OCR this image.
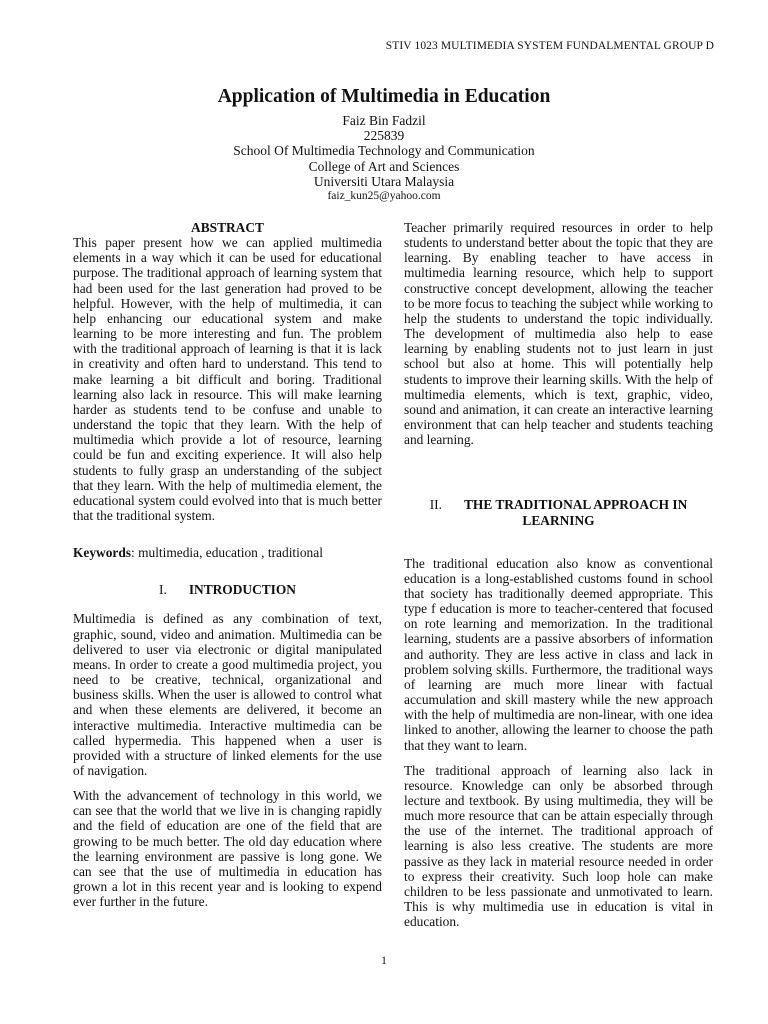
STIV 1023 MULTIMEDIA SYSTEM FUNDALMENTAL GROUP D
Application of Multimedia in Education
Faiz Bin Fadzil
225839
School Of Multimedia Technology and Communication
College of Art and Sciences
Universiti Utara Malaysia
faiz_kun25@yahoo.com
ABSTRACT

This paper present how we can applied multimedia elements in a way which it can be used for educational purpose. The traditional approach of learning system that had been used for the last generation had proved to be helpful. However, with the help of multimedia, it can help enhancing our educational system and make learning to be more interesting and fun. The problem with the traditional approach of learning is that it is lack in creativity and often hard to understand. This tend to make learning a bit difficult and boring. Traditional learning also lack in resource. This will make learning harder as students tend to be confuse and unable to understand the topic that they learn. With the help of multimedia which provide a lot of resource, learning could be fun and exciting experience. It will also help students to fully grasp an understanding of the subject that they learn. With the help of multimedia element, the educational system could evolved into that is much better that the traditional system.

Keywords: multimedia, education , traditional

I. INTRODUCTION

Multimedia is defined as any combination of text, graphic, sound, video and animation. Multimedia can be delivered to user via electronic or digital manipulated means. In order to create a good multimedia project, you need to be creative, technical, organizational and business skills. When the user is allowed to control what and when these elements are delivered, it become an interactive multimedia. Interactive multimedia can be called hypermedia. This happened when a user is provided with a structure of linked elements for the use of navigation.

With the advancement of technology in this world, we can see that the world that we live in is changing rapidly and the field of education are one of the field that are growing to be much better. The old day education where the learning environment are passive is long gone. We can see that the use of multimedia in education has grown a lot in this recent year and is looking to expend ever further in the future.

Teacher primarily required resources in order to help students to understand better about the topic that they are learning. By enabling teacher to have access in multimedia learning resource, which help to support constructive concept development, allowing the teacher to be more focus to teaching the subject while working to help the students to understand the topic individually. The development of multimedia also help to ease learning by enabling students not to just learn in just school but also at home. This will potentially help students to improve their learning skills. With the help of multimedia elements, which is text, graphic, video, sound and animation, it can create an interactive learning environment that can help teacher and students teaching and learning.

II. THE TRADITIONAL APPROACH IN
LEARNING

The traditional education also know as conventional education is a long-established customs found in school that society has traditionally deemed appropriate. This type f education is more to teacher-centered that focused on rote learning and memorization. In the traditional learning, students are a passive absorbers of information and authority. They are less active in class and lack in problem solving skills. Furthermore, the traditional ways of learning are much more linear with factual accumulation and skill mastery while the new approach with the help of multimedia are non-linear, with one idea linked to another, allowing the learner to choose the path that they want to learn.

The traditional approach of learning also lack in resource. Knowledge can only be absorbed through lecture and textbook. By using multimedia, they will be much more resource that can be attain especially through the use of the internet. The traditional approach of learning is also less creative. The students are more passive as they lack in material resource needed in order to express their creativity. Such loop hole can make children to be less passionate and unmotivated to learn. This is why multimedia use in education is vital in education.

1
